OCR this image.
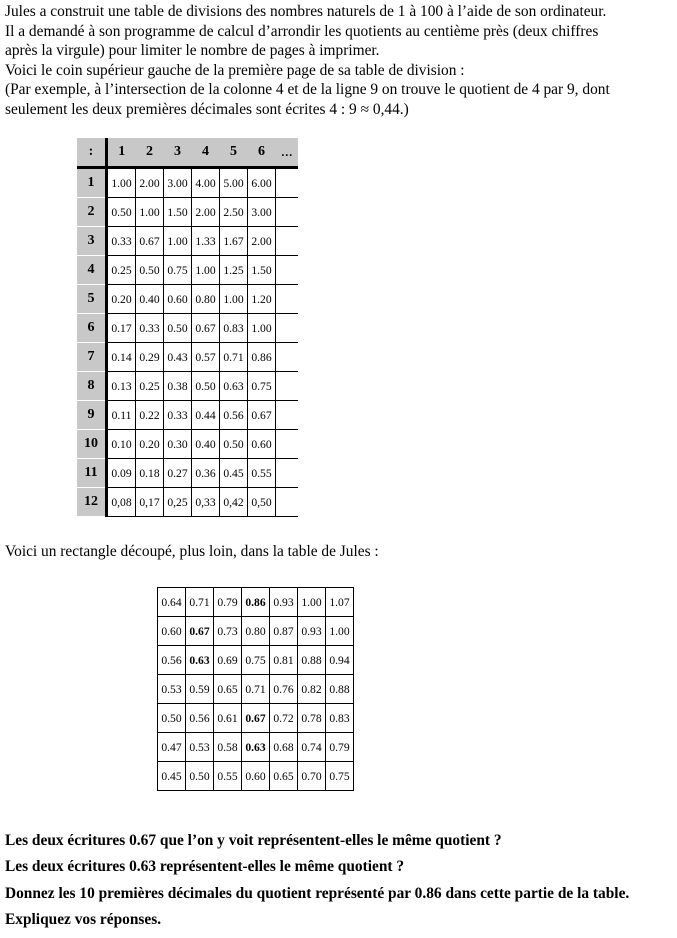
Jules a construit une table de divisions des nombres naturels de 1 à 100 à l’aide de son ordinateur.
Il a demandé à son programme de calcul d’arrondir les quotients au centième près (deux chiffres
après la virgule) pour limiter le nombre de pages à imprimer.
Voici le coin supérieur gauche de la première page de sa table de division :
(Par exemple, à l’intersection de la colonne 4 et de la ligne 9 on trouve le quotient de 4 par 9, dont
seulement les deux premières décimales sont écrites 4 : 9 ≈ 0,44.)
:	1	2	3	4	5	6	…
1	1.00	2.00	3.00	4.00	5.00	6.00	
2	0.50	1.00	1.50	2.00	2.50	3.00	
3	0.33	0.67	1.00	1.33	1.67	2.00	
4	0.25	0.50	0.75	1.00	1.25	1.50	
5	0.20	0.40	0.60	0.80	1.00	1.20	
6	0.17	0.33	0.50	0.67	0.83	1.00	
7	0.14	0.29	0.43	0.57	0.71	0.86	
8	0.13	0.25	0.38	0.50	0.63	0.75	
9	0.11	0.22	0.33	0.44	0.56	0.67	
10	0.10	0.20	0.30	0.40	0.50	0.60	
11	0.09	0.18	0.27	0.36	0.45	0.55	
12	0,08	0,17	0,25	0,33	0,42	0,50	
Voici un rectangle découpé, plus loin, dans la table de Jules :
0.64	0.71	0.79	0.86	0.93	1.00	1.07
0.60	0.67	0.73	0.80	0.87	0.93	1.00
0.56	0.63	0.69	0.75	0.81	0.88	0.94
0.53	0.59	0.65	0.71	0.76	0.82	0.88
0.50	0.56	0.61	0.67	0.72	0.78	0.83
0.47	0.53	0.58	0.63	0.68	0.74	0.79
0.45	0.50	0.55	0.60	0.65	0.70	0.75
Les deux écritures 0.67 que l’on y voit représentent-elles le même quotient ?
Les deux écritures 0.63 représentent-elles le même quotient ?
Donnez les 10 premières décimales du quotient représenté par 0.86 dans cette partie de la table.
Expliquez vos réponses.
